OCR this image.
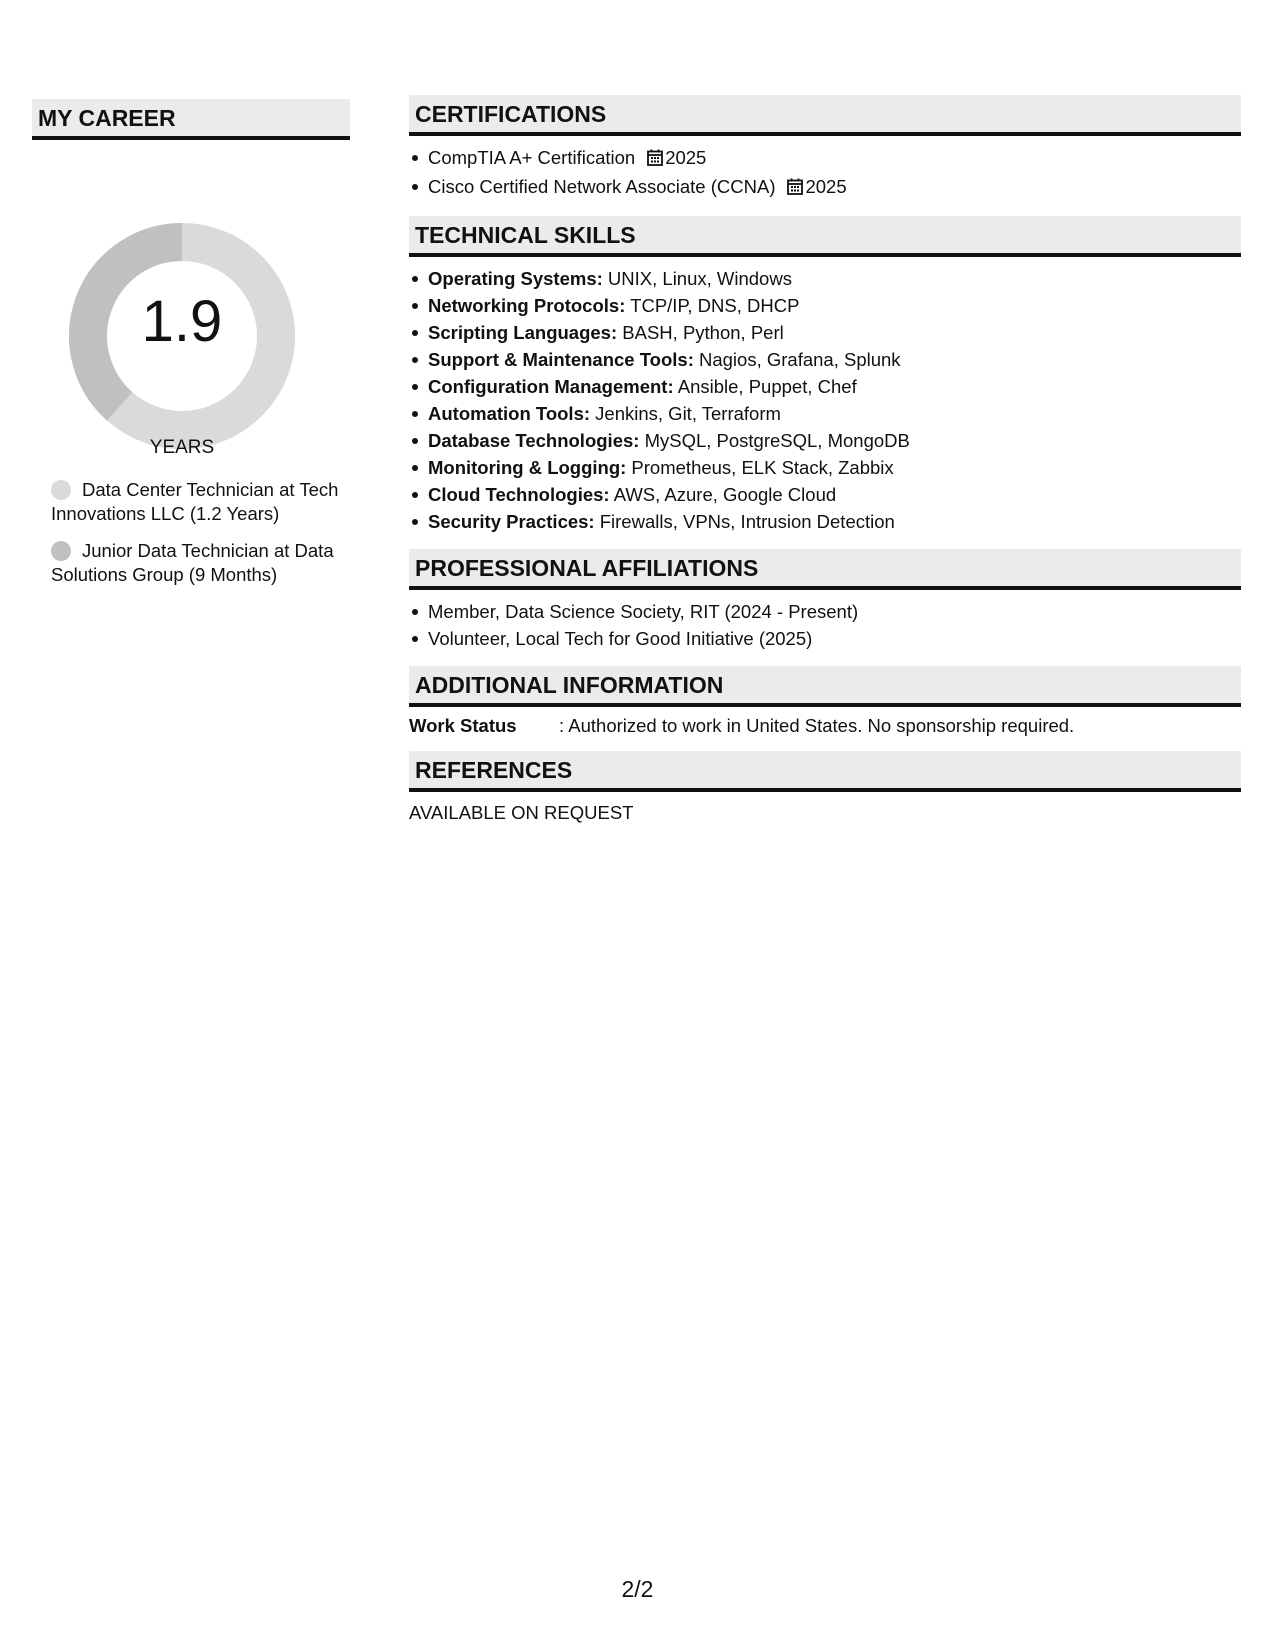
MY CAREER
1.9
YEARS
Data Center Technician at Tech Innovations LLC (1.2 Years)
Junior Data Technician at Data Solutions Group (9 Months)
CERTIFICATIONS
CompTIA A+ Certification 2025
Cisco Certified Network Associate (CCNA) 2025
TECHNICAL SKILLS
Operating Systems: UNIX, Linux, Windows
Networking Protocols: TCP/IP, DNS, DHCP
Scripting Languages: BASH, Python, Perl
Support & Maintenance Tools: Nagios, Grafana, Splunk
Configuration Management: Ansible, Puppet, Chef
Automation Tools: Jenkins, Git, Terraform
Database Technologies: MySQL, PostgreSQL, MongoDB
Monitoring & Logging: Prometheus, ELK Stack, Zabbix
Cloud Technologies: AWS, Azure, Google Cloud
Security Practices: Firewalls, VPNs, Intrusion Detection
PROFESSIONAL AFFILIATIONS
Member, Data Science Society, RIT (2024 - Present)
Volunteer, Local Tech for Good Initiative (2025)
ADDITIONAL INFORMATION
Work Status : Authorized to work in United States. No sponsorship required.
REFERENCES
AVAILABLE ON REQUEST
2/2
